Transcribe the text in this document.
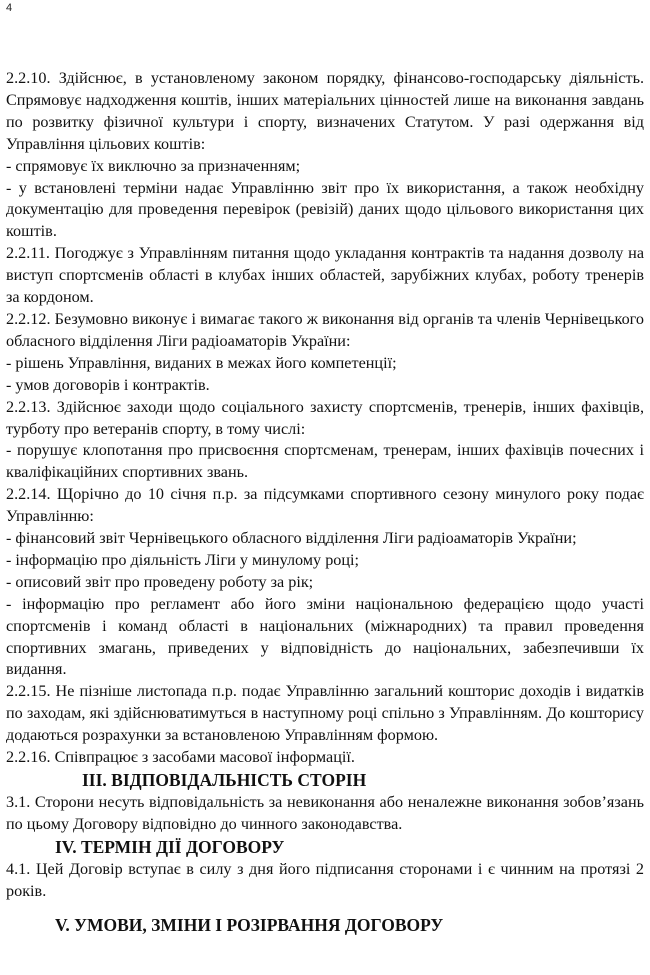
4

2.2.10. Здійснює, в установленому законом порядку, фінансово-господарську діяльність. Спрямовує надходження коштів, інших матеріальних цінностей лише на виконання завдань по розвитку фізичної культури і спорту, визначених Статутом. У разі одержання від Управління цільових коштів:

- спрямовує їх виключно за призначенням;

- у встановлені терміни надає Управлінню звіт про їх використання, а також необхідну документацію для проведення перевірок (ревізій) даних щодо цільового використання цих коштів.

2.2.11. Погоджує з Управлінням питання щодо укладання контрактів та надання дозволу на виступ спортсменів області в клубах інших областей, зарубіжних клубах, роботу тренерів за кордоном.

2.2.12. Безумовно виконує і вимагає такого ж виконання від органів та членів Чернівецького обласного відділення Ліги радіоаматорів України:

- рішень Управління, виданих в межах його компетенції;

- умов договорів і контрактів.

2.2.13. Здійснює заходи щодо соціального захисту спортсменів, тренерів, інших фахівців, турботу про ветеранів спорту, в тому числі:

- порушує клопотання про присвоєння спортсменам, тренерам, інших фахівців почесних і кваліфікаційних спортивних звань.

2.2.14. Щорічно до 10 січня п.р. за підсумками спортивного сезону минулого року подає Управлінню:

- фінансовий звіт Чернівецького обласного відділення Ліги радіоаматорів України;

- інформацію про діяльність Ліги у минулому році;

- описовий звіт про проведену роботу за рік;

- інформацію про регламент або його зміни національною федерацією щодо участі спортсменів і команд області в національних (міжнародних) та правил проведення спортивних змагань, приведених у відповідність до національних, забезпечивши їх видання.

2.2.15. Не пізніше листопада п.р. подає Управлінню загальний кошторис доходів і видатків по заходам, які здійснюватимуться в наступному році спільно з Управлінням. До кошторису додаються розрахунки за встановленою Управлінням формою.

2.2.16. Співпрацює з засобами масової інформації.

ІІІ. ВІДПОВІДАЛЬНІСТЬ СТОРІН

3.1. Сторони несуть відповідальність за невиконання або неналежне виконання зобов’язань по цьому Договору відповідно до чинного законодавства.

IV. ТЕРМІН ДІЇ ДОГОВОРУ

4.1. Цей Договір вступає в силу з дня його підписання сторонами і є чинним на протязі 2 років.

V. УМОВИ, ЗМІНИ І РОЗІРВАННЯ ДОГОВОРУ
